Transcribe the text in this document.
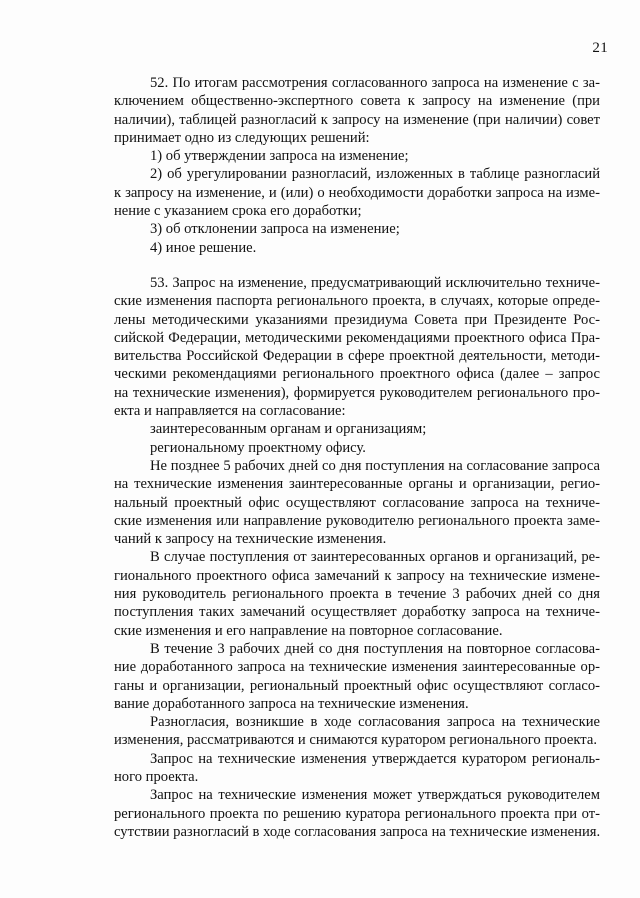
21
52. По итогам рассмотрения согласованного запроса на изменение с за-
ключением общественно-экспертного совета к запросу на изменение (при
наличии), таблицей разногласий к запросу на изменение (при наличии) совет
принимает одно из следующих решений:
1) об утверждении запроса на изменение;
2) об урегулировании разногласий, изложенных в таблице разногласий
к запросу на изменение, и (или) о необходимости доработки запроса на изме-
нение с указанием срока его доработки;
3) об отклонении запроса на изменение;
4) иное решение.
53. Запрос на изменение, предусматривающий исключительно техниче-
ские изменения паспорта регионального проекта, в случаях, которые опреде-
лены методическими указаниями президиума Совета при Президенте Рос-
сийской Федерации, методическими рекомендациями проектного офиса Пра-
вительства Российской Федерации в сфере проектной деятельности, методи-
ческими рекомендациями регионального проектного офиса (далее – запрос
на технические изменения), формируется руководителем регионального про-
екта и направляется на согласование:
заинтересованным органам и организациям;
региональному проектному офису.
Не позднее 5 рабочих дней со дня поступления на согласование запроса
на технические изменения заинтересованные органы и организации, регио-
нальный проектный офис осуществляют согласование запроса на техниче-
ские изменения или направление руководителю регионального проекта замe-
чаний к запросу на технические изменения.
В случае поступления от заинтересованных органов и организаций, ре-
гионального проектного офиса замечаний к запросу на технические измене-
ния руководитель регионального проекта в течение 3 рабочих дней со дня
поступления таких замечаний осуществляет доработку запроса на техниче-
ские изменения и его направление на повторное согласование.
В течение 3 рабочих дней со дня поступления на повторное согласова-
ние доработанного запроса на технические изменения заинтересованные ор-
ганы и организации, региональный проектный офис осуществляют согласо-
вание доработанного запроса на технические изменения.
Разногласия, возникшие в ходе согласования запроса на технические
изменения, рассматриваются и снимаются куратором регионального проекта.
Запрос на технические изменения утверждается куратором региональ-
ного проекта.
Запрос на технические изменения может утверждаться руководителем
регионального проекта по решению куратора регионального проекта при от-
сутствии разногласий в ходе согласования запроса на технические изменения.
